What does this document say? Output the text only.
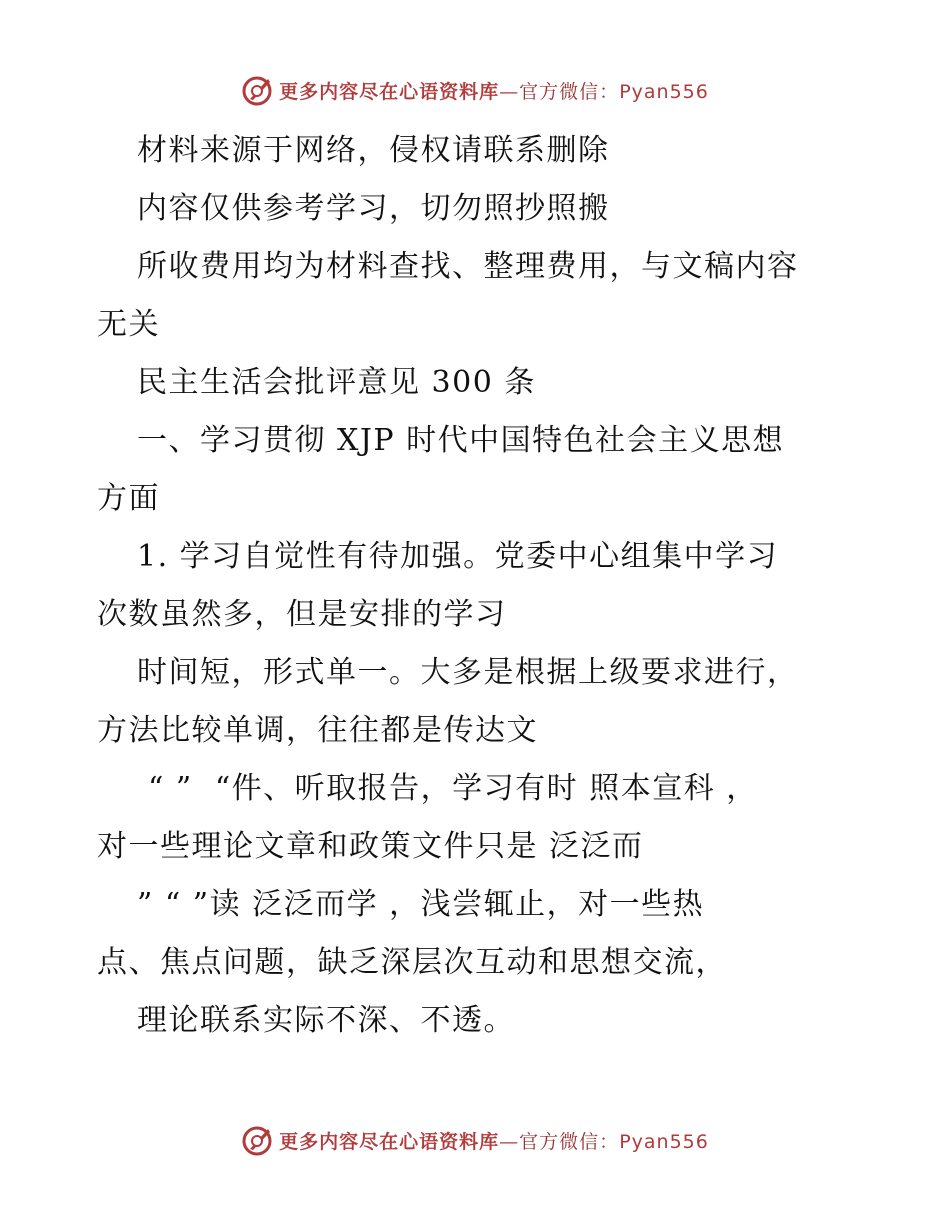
更多内容尽在心语资料库—官方微信：Pyan556
材料来源于网络，侵权请联系删除
内容仅供参考学习，切勿照抄照搬
所收费用均为材料查找、整理费用，与文稿内容
无关
民主生活会批评意见 300 条
一、学习贯彻 XJP 时代中国特色社会主义思想
方面
1. 学习自觉性有待加强。党委中心组集中学习
次数虽然多，但是安排的学习
时间短，形式单一。大多是根据上级要求进行，
方法比较单调，往往都是传达文
“ ”  “件、听取报告，学习有时 照本宣科 ，
对一些理论文章和政策文件只是 泛泛而
” “ ”读 泛泛而学 ，浅尝辄止，对一些热
点、焦点问题，缺乏深层次互动和思想交流，
理论联系实际不深、不透。
更多内容尽在心语资料库—官方微信：Pyan556
